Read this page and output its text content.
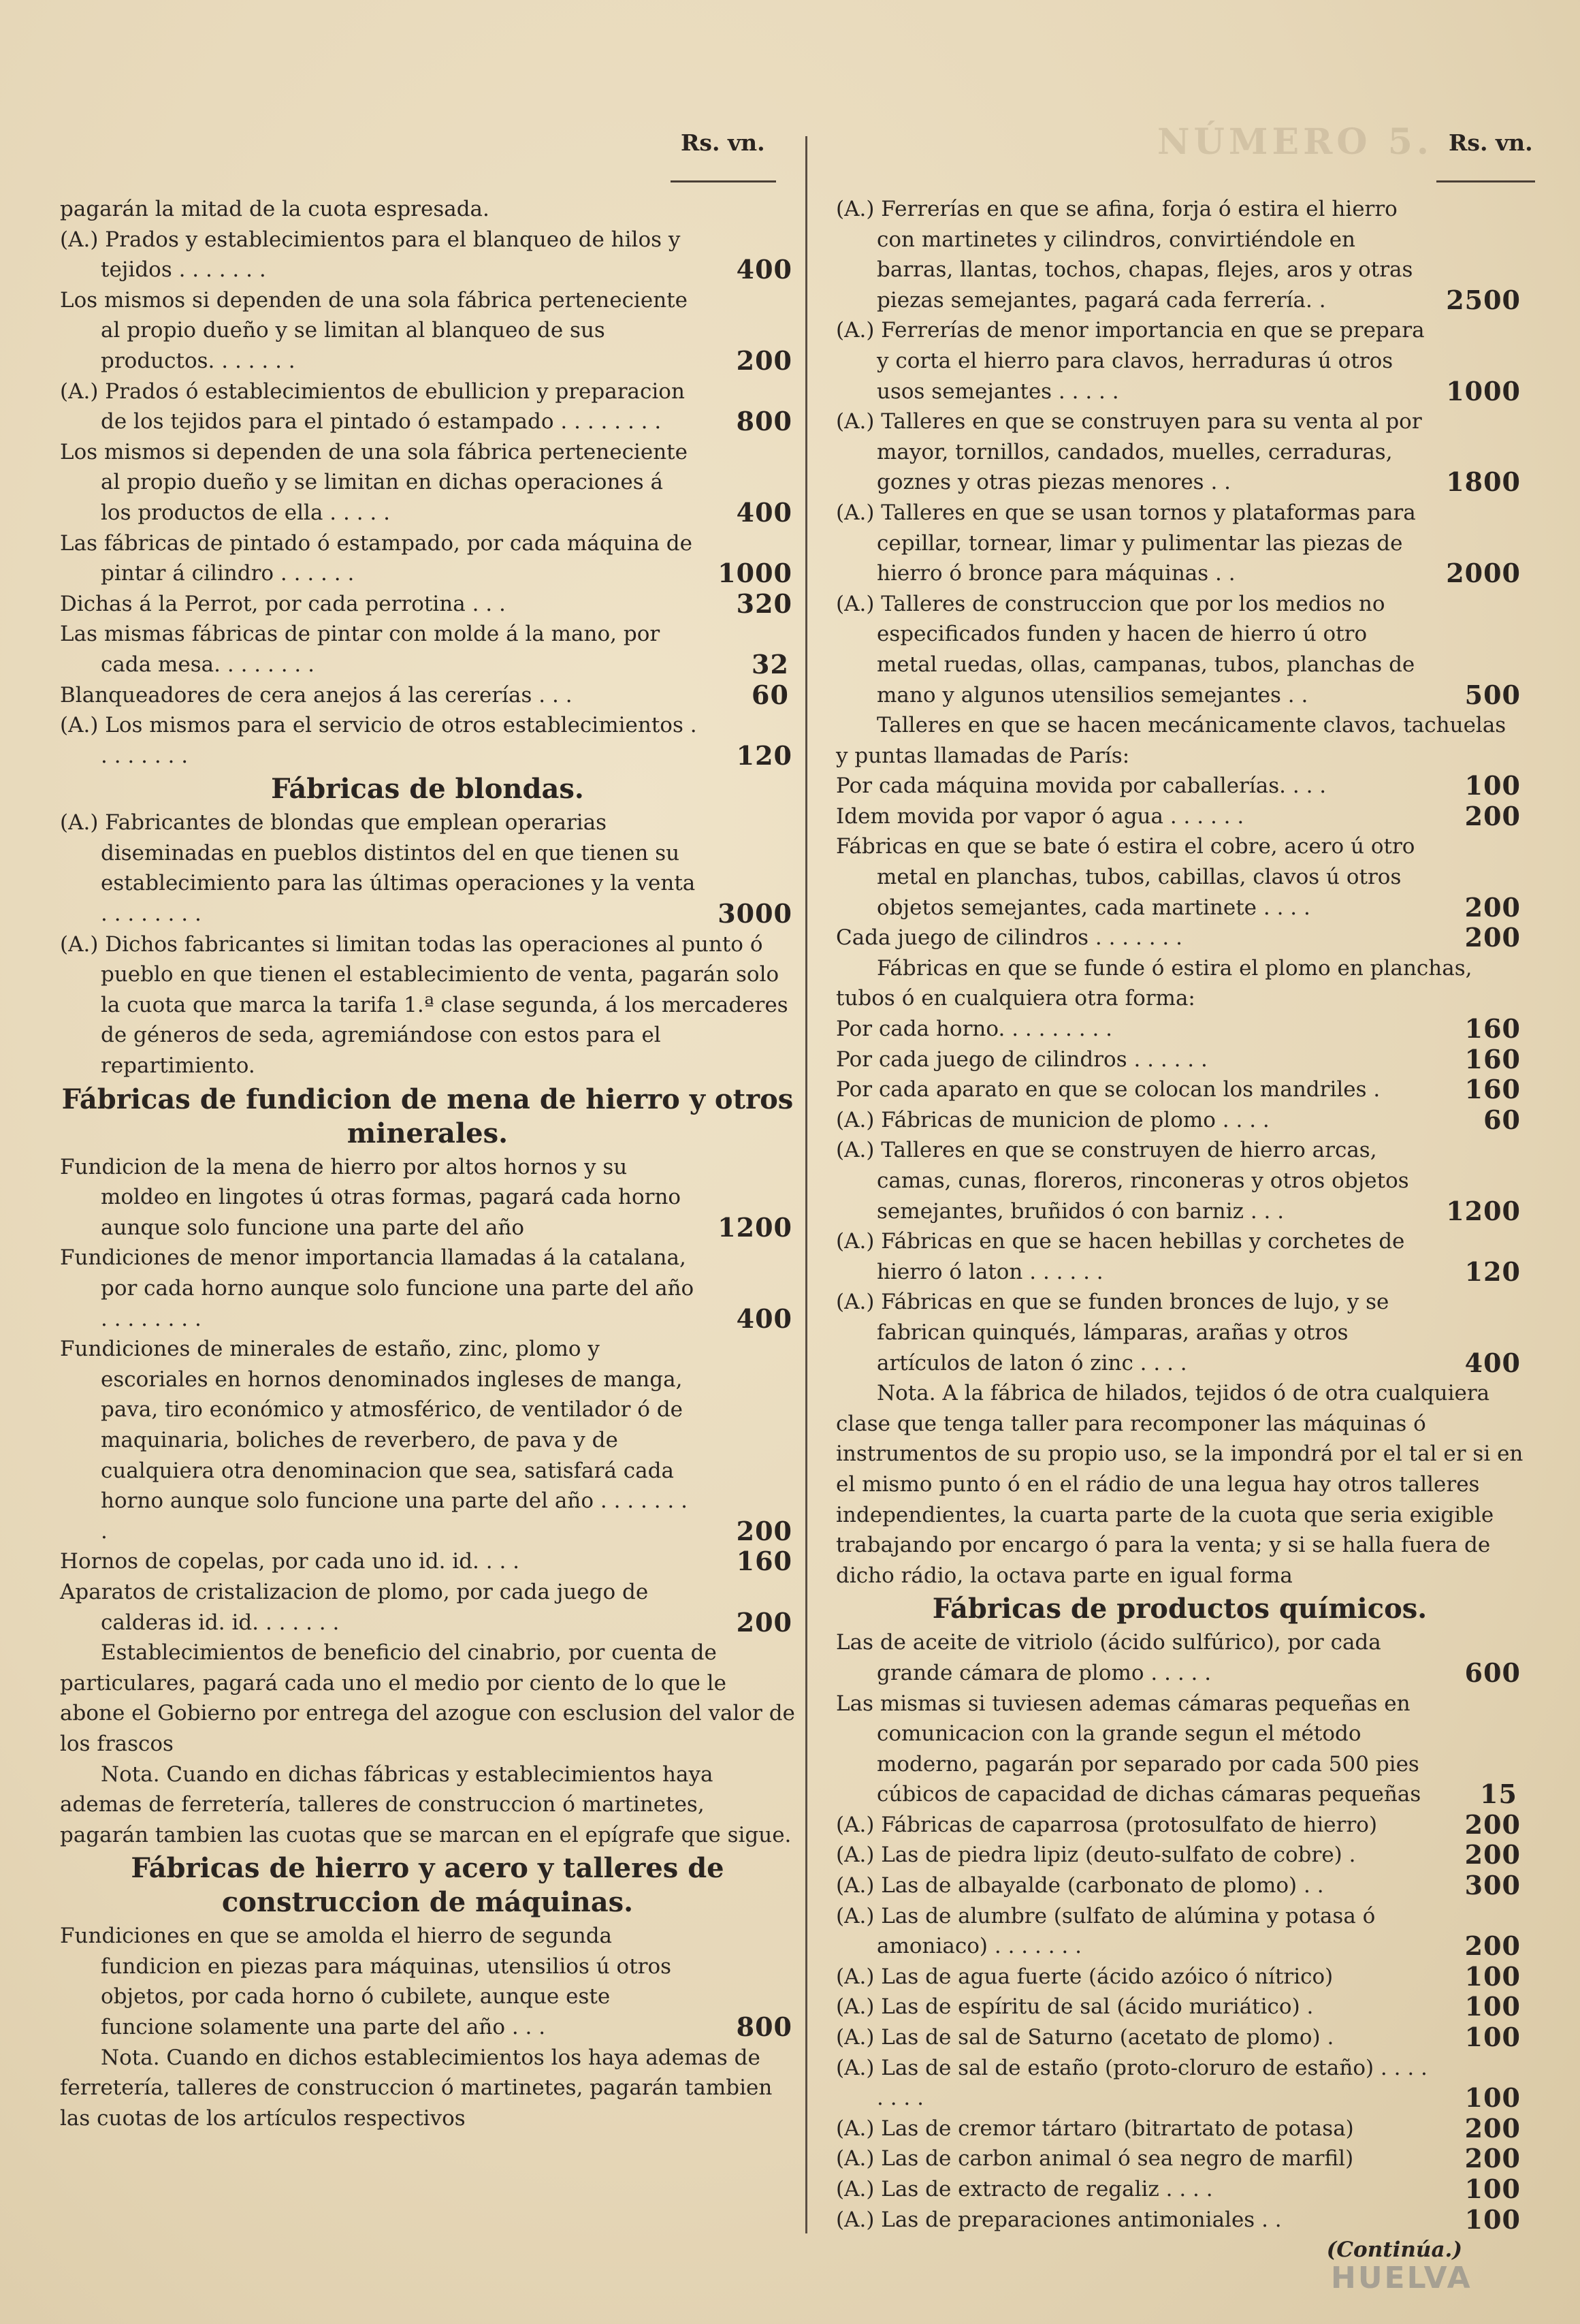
NÚMERO 5.
Rs. vn.	Rs. vn.

pagarán la mitad de la cuota espresada.

(A.) Prados y establecimientos para el blanqueo de hilos y tejidos . . . . . . .	400

Los mismos si dependen de una sola fábrica perteneciente al propio dueño y se limitan al blanqueo de sus productos. . . . . . .	200

(A.) Prados ó establecimientos de ebullicion y preparacion de los tejidos para el pintado ó estampado . . . . . . . .	800

Los mismos si dependen de una sola fábrica perteneciente al propio dueño y se limitan en dichas operaciones á los productos de ella . . . . .	400

Las fábricas de pintado ó estampado, por cada máquina de pintar á cilindro . . . . . .	1000

Dichas á la Perrot, por cada perrotina . . .	320

Las mismas fábricas de pintar con molde á la mano, por cada mesa. . . . . . . .	32

Blanqueadores de cera anejos á las cererías . . .	60

(A.) Los mismos para el servicio de otros establecimientos . . . . . . . .	120

Fábricas de blondas.

(A.) Fabricantes de blondas que emplean operarias diseminadas en pueblos distintos del en que tienen su establecimiento para las últimas operaciones y la venta . . . . . . . .	3000

(A.) Dichos fabricantes si limitan todas las operaciones al punto ó pueblo en que tienen el establecimiento de venta, pagarán solo la cuota que marca la tarifa 1.ª clase segunda, á los mercaderes de géneros de seda, agremiándose con estos para el repartimiento.

Fábricas de fundicion de mena de hierro y otros minerales.

Fundicion de la mena de hierro por altos hornos y su moldeo en lingotes ú otras formas, pagará cada horno aunque solo funcione una parte del año	1200

Fundiciones de menor importancia llamadas á la catalana, por cada horno aunque solo funcione una parte del año . . . . . . . .	400

Fundiciones de minerales de estaño, zinc, plomo y escoriales en hornos denominados ingleses de manga, pava, tiro económico y atmosférico, de ventilador ó de maquinaria, boliches de reverbero, de pava y de cualquiera otra denominacion que sea, satisfará cada horno aunque solo funcione una parte del año . . . . . . . .	200

Hornos de copelas, por cada uno id. id. . . .	160

Aparatos de cristalizacion de plomo, por cada juego de calderas id. id. . . . . . .	200

Establecimientos de beneficio del cinabrio, por cuenta de particulares, pagará cada uno el medio por ciento de lo que le abone el Gobierno por entrega del azogue con esclusion del valor de los frascos

Nota. Cuando en dichas fábricas y establecimientos haya ademas de ferretería, talleres de construccion ó martinetes, pagarán tambien las cuotas que se marcan en el epígrafe que sigue.

Fábricas de hierro y acero y talleres de construccion de máquinas.

Fundiciones en que se amolda el hierro de segunda fundicion en piezas para máquinas, utensilios ú otros objetos, por cada horno ó cubilete, aunque este funcione solamente una parte del año . . .	800

Nota. Cuando en dichos establecimientos los haya ademas de ferretería, talleres de construccion ó martinetes, pagarán tambien las cuotas de los artículos respectivos

(A.) Ferrerías en que se afina, forja ó estira el hierro con martinetes y cilindros, convirtiéndole en barras, llantas, tochos, chapas, flejes, aros y otras piezas semejantes, pagará cada ferrería. .	2500

(A.) Ferrerías de menor importancia en que se prepara y corta el hierro para clavos, herraduras ú otros usos semejantes . . . . .	1000

(A.) Talleres en que se construyen para su venta al por mayor, tornillos, candados, muelles, cerraduras, goznes y otras piezas menores . .	1800

(A.) Talleres en que se usan tornos y plataformas para cepillar, tornear, limar y pulimentar las piezas de hierro ó bronce para máquinas . .	2000

(A.) Talleres de construccion que por los medios no especificados funden y hacen de hierro ú otro metal ruedas, ollas, campanas, tubos, planchas de mano y algunos utensilios semejantes . .	500

Talleres en que se hacen mecánicamente clavos, tachuelas y puntas llamadas de París:

Por cada máquina movida por caballerías. . . .	100

Idem movida por vapor ó agua . . . . . .	200

Fábricas en que se bate ó estira el cobre, acero ú otro metal en planchas, tubos, cabillas, clavos ú otros objetos semejantes, cada martinete . . . .	200

Cada juego de cilindros . . . . . . .	200

Fábricas en que se funde ó estira el plomo en planchas, tubos ó en cualquiera otra forma:

Por cada horno. . . . . . . . .	160

Por cada juego de cilindros . . . . . .	160

Por cada aparato en que se colocan los mandriles .	160

(A.) Fábricas de municion de plomo . . . .	60

(A.) Talleres en que se construyen de hierro arcas, camas, cunas, floreros, rinconeras y otros objetos semejantes, bruñidos ó con barniz . . .	1200

(A.) Fábricas en que se hacen hebillas y corchetes de hierro ó laton . . . . . .	120

(A.) Fábricas en que se funden bronces de lujo, y se fabrican quinqués, lámparas, arañas y otros artículos de laton ó zinc . . . .	400

Nota. A la fábrica de hilados, tejidos ó de otra cualquiera clase que tenga taller para recomponer las máquinas ó instrumentos de su propio uso, se la impondrá por el tal er si en el mismo punto ó en el rádio de una legua hay otros talleres independientes, la cuarta parte de la cuota que seria exigible trabajando por encargo ó para la venta; y si se halla fuera de dicho rádio, la octava parte en igual forma

Fábricas de productos químicos.

Las de aceite de vitriolo (ácido sulfúrico), por cada grande cámara de plomo . . . . .	600

Las mismas si tuviesen ademas cámaras pequeñas en comunicacion con la grande segun el método moderno, pagarán por separado por cada 500 pies cúbicos de capacidad de dichas cámaras pequeñas 15

(A.) Fábricas de caparrosa (protosulfato de hierro)	200

(A.) Las de piedra lipiz (deuto-sulfato de cobre) .	200

(A.) Las de albayalde (carbonato de plomo) . .	300

(A.) Las de alumbre (sulfato de alúmina y potasa ó amoniaco) . . . . . . .	200

(A.) Las de agua fuerte (ácido azóico ó nítrico)	100

(A.) Las de espíritu de sal (ácido muriático) .	100

(A.) Las de sal de Saturno (acetato de plomo) .	100

(A.) Las de sal de estaño (proto-cloruro de estaño) . . . . . . . .	100

(A.) Las de cremor tártaro (bitrartato de potasa)	200

(A.) Las de carbon animal ó sea negro de marfil)	200

(A.) Las de extracto de regaliz . . . .	100

(A.) Las de preparaciones antimoniales . .	100

(Continúa.)
HUELVA
